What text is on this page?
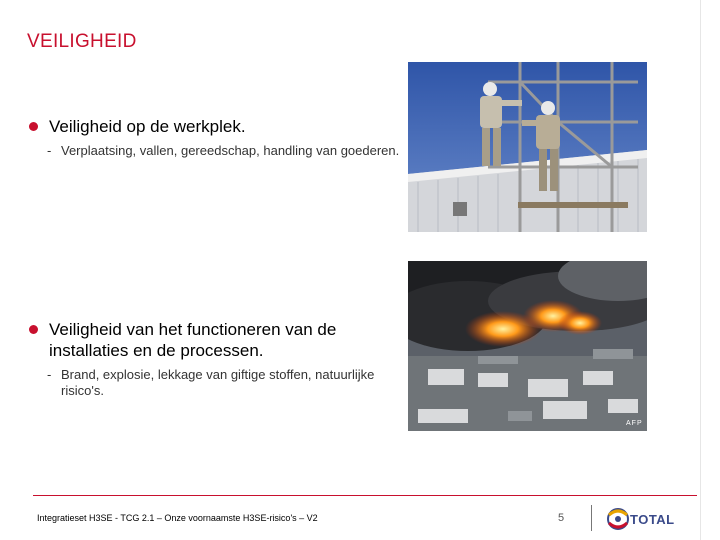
VEILIGHEID
Veiligheid op de werkplek.
- Verplaatsing, vallen, gereedschap, handling van goederen.
Veiligheid van het functioneren van de installaties en de processen.
- Brand, explosie, lekkage van giftige stoffen, natuurlijke risico's.
AFP
Integratieset H3SE - TCG 2.1 – Onze voornaamste H3SE-risico's – V2	5	TOTAL
